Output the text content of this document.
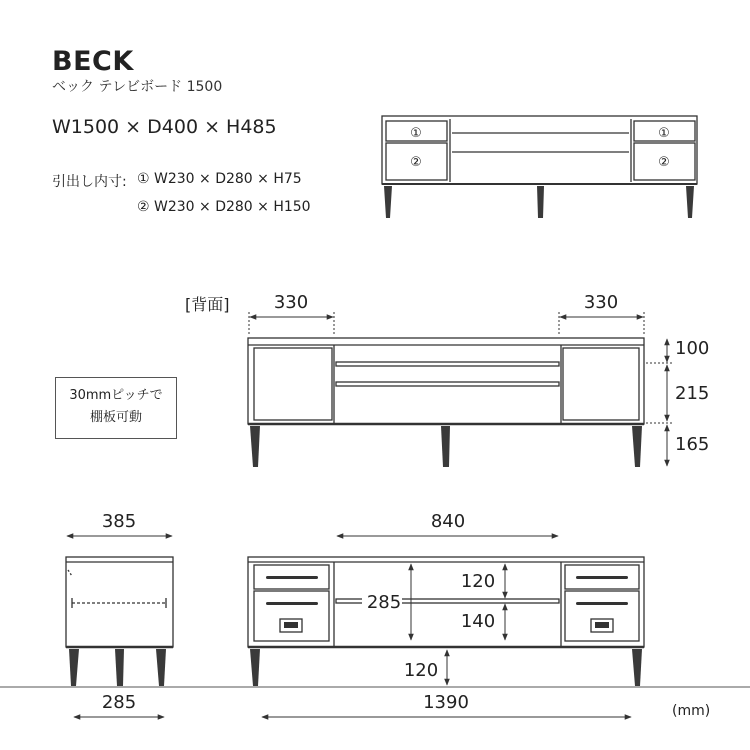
BECK
ベック テレビボード 1500
W1500 × D400 × H485
引出し内寸: ① W230 × D280 × H75
② W230 × D280 × H150
[背面]
30mmピッチで
棚板可動
(mm)
①
②
①
②
330	330
100
215
165
385
285
285
840
120
140
120
1390
